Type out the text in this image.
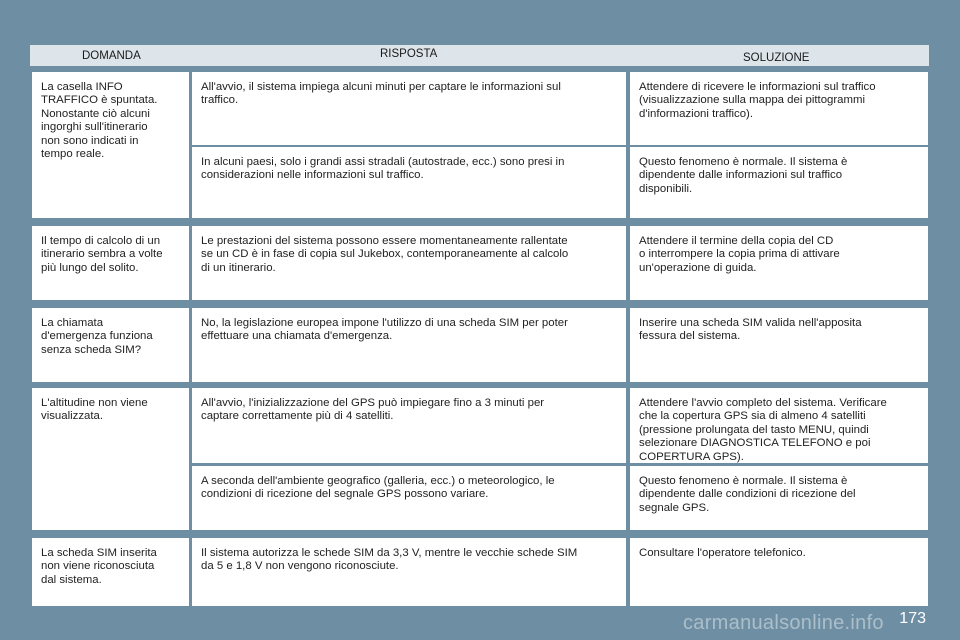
DOMANDA	RISPOSTA	SOLUZIONE
La casella INFO
TRAFFICO è spuntata.
Nonostante ciò alcuni
ingorghi sull'itinerario
non sono indicati in
tempo reale.
All'avvio, il sistema impiega alcuni minuti per captare le informazioni sul
traffico.
Attendere di ricevere le informazioni sul traffico
(visualizzazione sulla mappa dei pittogrammi
d'informazioni traffico).
In alcuni paesi, solo i grandi assi stradali (autostrade, ecc.) sono presi in
considerazioni nelle informazioni sul traffico.
Questo fenomeno è normale. Il sistema è
dipendente dalle informazioni sul traffico
disponibili.
Il tempo di calcolo di un
itinerario sembra a volte
più lungo del solito.
Le prestazioni del sistema possono essere momentaneamente rallentate
se un CD è in fase di copia sul Jukebox, contemporaneamente al calcolo
di un itinerario.
Attendere il termine della copia del CD
o interrompere la copia prima di attivare
un'operazione di guida.
La chiamata
d'emergenza funziona
senza scheda SIM?
No, la legislazione europea impone l'utilizzo di una scheda SIM per poter
effettuare una chiamata d'emergenza.
Inserire una scheda SIM valida nell'apposita
fessura del sistema.
L'altitudine non viene
visualizzata.
All'avvio, l'inizializzazione del GPS può impiegare fino a 3 minuti per
captare correttamente più di 4 satelliti.
Attendere l'avvio completo del sistema. Verificare
che la copertura GPS sia di almeno 4 satelliti
(pressione prolungata del tasto MENU, quindi
selezionare DIAGNOSTICA TELEFONO e poi
COPERTURA GPS).
A seconda dell'ambiente geografico (galleria, ecc.) o meteorologico, le
condizioni di ricezione del segnale GPS possono variare.
Questo fenomeno è normale. Il sistema è
dipendente dalle condizioni di ricezione del
segnale GPS.
La scheda SIM inserita
non viene riconosciuta
dal sistema.
Il sistema autorizza le schede SIM da 3,3 V, mentre le vecchie schede SIM
da 5 e 1,8 V non vengono riconosciute.
Consultare l'operatore telefonico.
173
carmanualsonline.info
